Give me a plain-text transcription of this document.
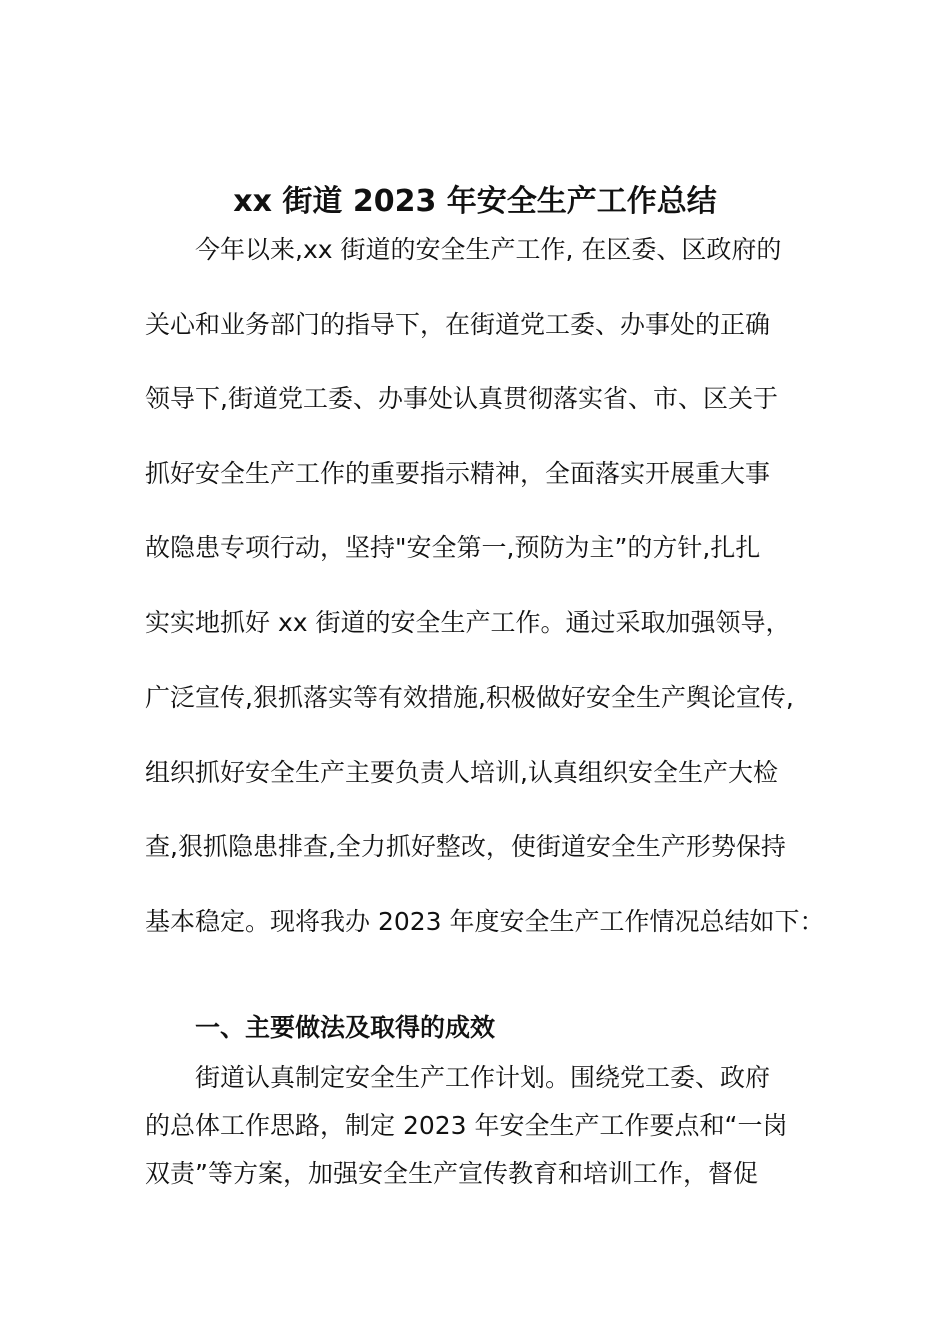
xx 街道 2023 年安全生产工作总结
今年以来,xx 街道的安全生产工作, 在区委、区政府的
关心和业务部门的指导下，在街道党工委、办事处的正确
领导下,街道党工委、办事处认真贯彻落实省、市、区关于
抓好安全生产工作的重要指示精神，全面落实开展重大事
故隐患专项行动，坚持"安全第一,预防为主”的方针,扎扎
实实地抓好 xx 街道的安全生产工作。通过采取加强领导，
广泛宣传,狠抓落实等有效措施,积极做好安全生产舆论宣传,
组织抓好安全生产主要负责人培训,认真组织安全生产大检
查,狠抓隐患排查,全力抓好整改，使街道安全生产形势保持
基本稳定。现将我办 2023 年度安全生产工作情况总结如下：
一、主要做法及取得的成效
街道认真制定安全生产工作计划。围绕党工委、政府
的总体工作思路，制定 2023 年安全生产工作要点和“一岗
双责”等方案，加强安全生产宣传教育和培训工作，督促
